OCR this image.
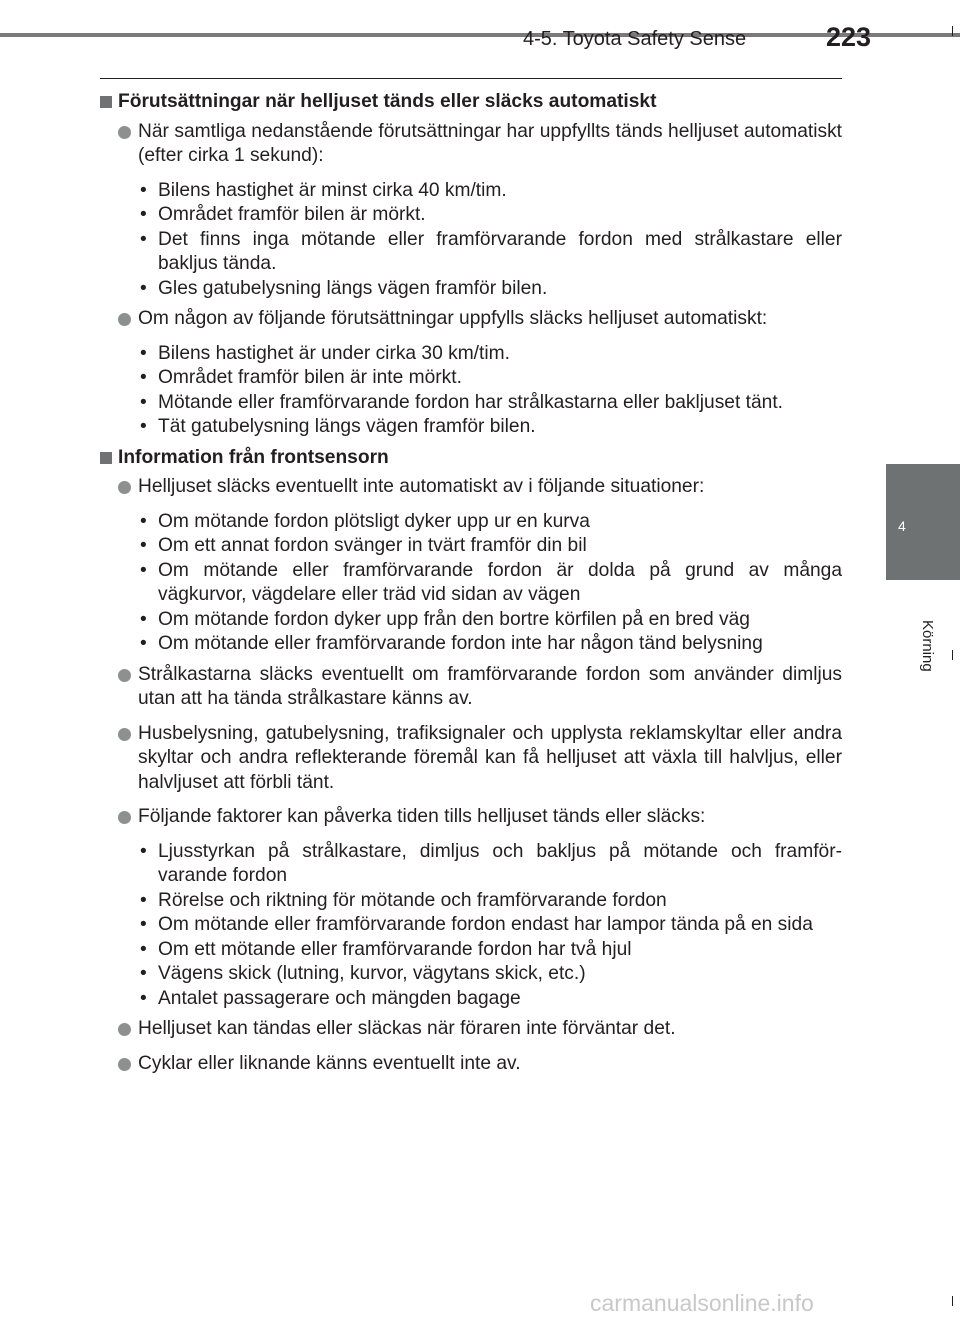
4-5. Toyota Safety Sense	223
4
Körning
Förutsättningar när helljuset tänds eller släcks automatiskt
När samtliga nedanstående förutsättningar har uppfyllts tänds helljuset automatiskt (efter cirka 1 sekund):
• Bilens hastighet är minst cirka 40 km/tim.
• Området framför bilen är mörkt.
• Det finns inga mötande eller framförvarande fordon med strålkastare eller bakljus tända.
• Gles gatubelysning längs vägen framför bilen.
Om någon av följande förutsättningar uppfylls släcks helljuset automatiskt:
• Bilens hastighet är under cirka 30 km/tim.
• Området framför bilen är inte mörkt.
• Mötande eller framförvarande fordon har strålkastarna eller bakljuset tänt.
• Tät gatubelysning längs vägen framför bilen.
Information från frontsensorn
Helljuset släcks eventuellt inte automatiskt av i följande situationer:
• Om mötande fordon plötsligt dyker upp ur en kurva
• Om ett annat fordon svänger in tvärt framför din bil
• Om mötande eller framförvarande fordon är dolda på grund av många vägkurvor, vägdelare eller träd vid sidan av vägen
• Om mötande fordon dyker upp från den bortre körfilen på en bred väg
• Om mötande eller framförvarande fordon inte har någon tänd belysning
Strålkastarna släcks eventuellt om framförvarande fordon som använder dimljus utan att ha tända strålkastare känns av.
Husbelysning, gatubelysning, trafiksignaler och upplysta reklamskyltar eller andra skyltar och andra reflekterande föremål kan få helljuset att växla till halvljus, eller halvljuset att förbli tänt.
Följande faktorer kan påverka tiden tills helljuset tänds eller släcks:
• Ljusstyrkan på strålkastare, dimljus och bakljus på mötande och framför-varande fordon
• Rörelse och riktning för mötande och framförvarande fordon
• Om mötande eller framförvarande fordon endast har lampor tända på en sida
• Om ett mötande eller framförvarande fordon har två hjul
• Vägens skick (lutning, kurvor, vägytans skick, etc.)
• Antalet passagerare och mängden bagage
Helljuset kan tändas eller släckas när föraren inte förväntar det.
Cyklar eller liknande känns eventuellt inte av.
carmanualsonline.info
